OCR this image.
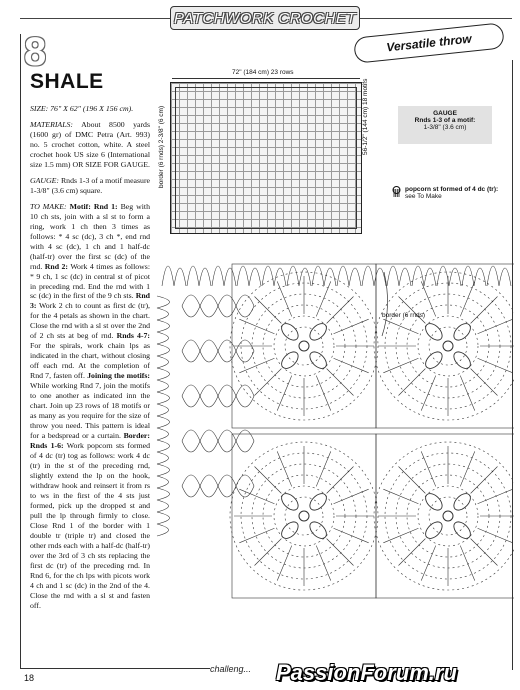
PATCHWORK CROCHET
Versatile throw
8
SHALE

SIZE: 76" X 62" (196 X 156 cm).

MATERIALS: About 8500 yards (1600 gr) of DMC Petra (Art. 993) no. 5 crochet cotton, white. A steel crochet hook US size 6 (International size 1.5 mm) OR SIZE FOR GAUGE.

GAUGE: Rnds 1-3 of a motif measure 1-3/8" (3.6 cm) square.

TO MAKE: Motif: Rnd 1: Beg with 10 ch sts, join with a sl st to form a ring, work 1 ch then 3 times as follows: * 4 sc (dc), 3 ch *, end rnd with 4 sc (dc), 1 ch and 1 half-dc (half-tr) over the first sc (dc) of the rnd. Rnd 2: Work 4 times as follows: * 9 ch, 1 sc (dc) in central st of picot in preceding rnd. End the rnd with 1 sc (dc) in the first of the 9 ch sts. Rnd 3: Work 2 ch to count as first dc (tr), for the 4 petals as shown in the chart. Close the rnd with a sl st over the 2nd of 2 ch sts at beg of rnd. Rnds 4-7: For the spirals, work chain lps as indicated in the chart, without closing off each rnd. At the completion of Rnd 7, fasten off. Joining the motifs: While working Rnd 7, join the motifs to one another as indicated inn the chart. Join up 23 rows of 18 motifs or as many as you require for the size of throw you need. This pattern is ideal for a bedspread or a curtain. Border: Rnds 1-6: Work popcorn sts formed of 4 dc (tr) tog as follows: work 4 dc (tr) in the st of the preceding rnd, slightly extend the lp on the hook, withdraw hook and reinsert it from rs to ws in the first of the 4 sts just formed, pick up the dropped st and pull the lp through firmly to close. Close Rnd 1 of the border with 1 double tr (triple tr) and closed the other rnds each with a half-dc (half-tr) over the 3rd of 3 ch sts replacing the first dc (tr) of the preceding rnd. In Rnd 6, for the ch lps with picots work 4 ch and 1 sc (dc) in the 2nd of the 4. Close the rnd with a sl st and fasten off.

72" (184 cm) 23 rows
56-1/2" (144 cm) 18 motifs
border (6 rnds) 2-3/8" (6 cm)	GAUGE
Rnds 1-3 of a motif:
1-3/8" (3.6 cm)
popcorn st formed of 4 dc (tr): see To Make
border (6 rnds)
18
challeng...	PassionForum.ru
